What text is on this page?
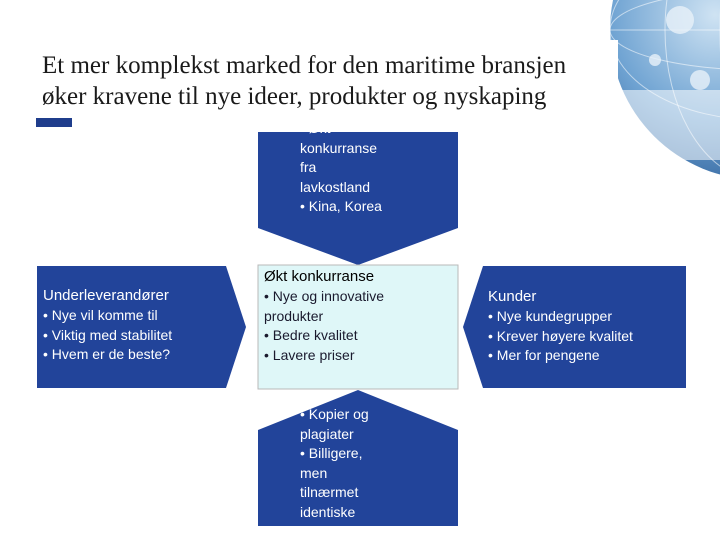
Et mer komplekst marked for den maritime bransjen
øker kravene til nye ideer, produkter og nyskaping
• Økt
konkurranse
fra
lavkostland
• Kina, Korea
Underleverandører
• Nye vil komme til
• Viktig med stabilitet
• Hvem er de beste?
Økt konkurranse
• Nye og innovative
produkter
• Bedre kvalitet
• Lavere priser
Kunder
• Nye kundegrupper
• Krever høyere kvalitet
• Mer for pengene
• Kopier og
plagiater
• Billigere,
men
tilnærmet
identiske
produkter
